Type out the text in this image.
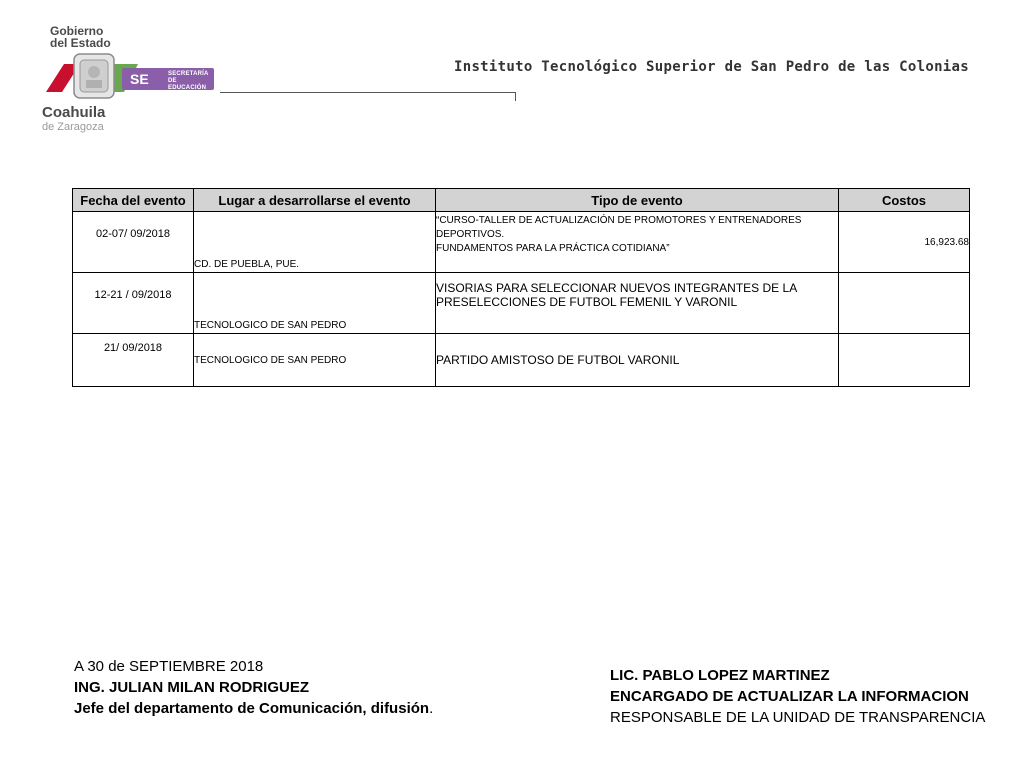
Gobierno
del Estado
SE	SECRETARÍA
DE EDUCACIÓN
Coahuila
de Zaragoza
Instituto Tecnológico Superior de San Pedro de las Colonias
Fecha del evento	Lugar a desarrollarse el evento	Tipo de evento	Costos
02-07/ 09/2018	CD. DE PUEBLA, PUE.	“CURSO-TALLER DE ACTUALIZACIÓN DE PROMOTORES Y ENTRENADORES DEPORTIVOS.
FUNDAMENTOS PARA LA PRÁCTICA COTIDIANA”	16,923.68
12-21 / 09/2018	TECNOLOGICO DE SAN PEDRO	VISORIAS PARA SELECCIONAR NUEVOS INTEGRANTES DE LA
PRESELECCIONES DE FUTBOL FEMENIL Y VARONIL	

21/ 09/2018	TECNOLOGICO DE SAN PEDRO	PARTIDO AMISTOSO DE FUTBOL VARONIL	

A 30 de SEPTIEMBRE 2018
ING. JULIAN MILAN RODRIGUEZ
Jefe del departamento de Comunicación, difusión.
LIC. PABLO LOPEZ MARTINEZ
ENCARGADO DE ACTUALIZAR LA INFORMACION
RESPONSABLE DE LA UNIDAD DE TRANSPARENCIA
